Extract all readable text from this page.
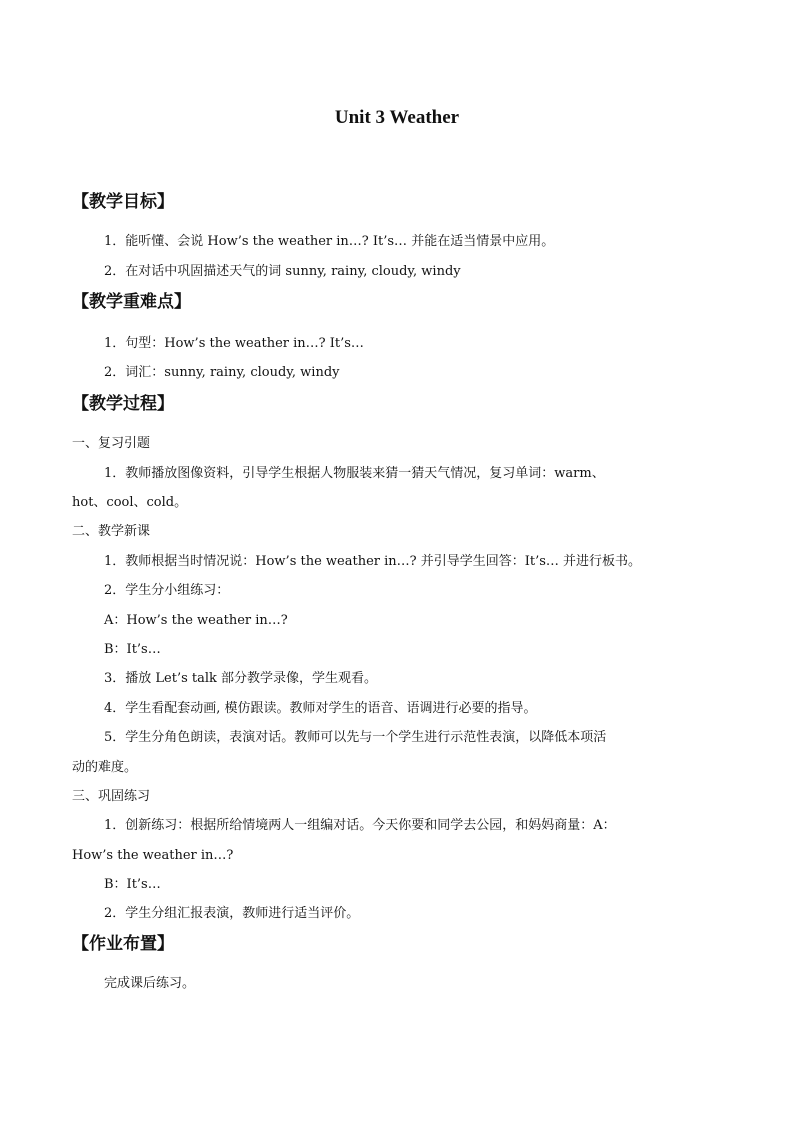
Unit 3 Weather
【教学目标】
1．能听懂、会说 How’s the weather in…? It’s… 并能在适当情景中应用。
2．在对话中巩固描述天气的词 sunny, rainy, cloudy, windy
【教学重难点】
1．句型：How’s the weather in…? It’s…
2．词汇：sunny, rainy, cloudy, windy
【教学过程】
一、复习引题
1．教师播放图像资料，引导学生根据人物服装来猜一猜天气情况，复习单词：warm、
hot、cool、cold。
二、教学新课
1．教师根据当时情况说：How’s the weather in…? 并引导学生回答：It’s… 并进行板书。
2．学生分小组练习：
A：How’s the weather in…?
B：It’s…
3．播放 Let’s talk 部分教学录像，学生观看。
4．学生看配套动画, 模仿跟读。教师对学生的语音、语调进行必要的指导。
5．学生分角色朗读，表演对话。教师可以先与一个学生进行示范性表演，以降低本项活
动的难度。
三、巩固练习
1．创新练习：根据所给情境两人一组编对话。今天你要和同学去公园，和妈妈商量：A：
How’s the weather in…?
B：It’s…
2．学生分组汇报表演，教师进行适当评价。
【作业布置】
完成课后练习。
